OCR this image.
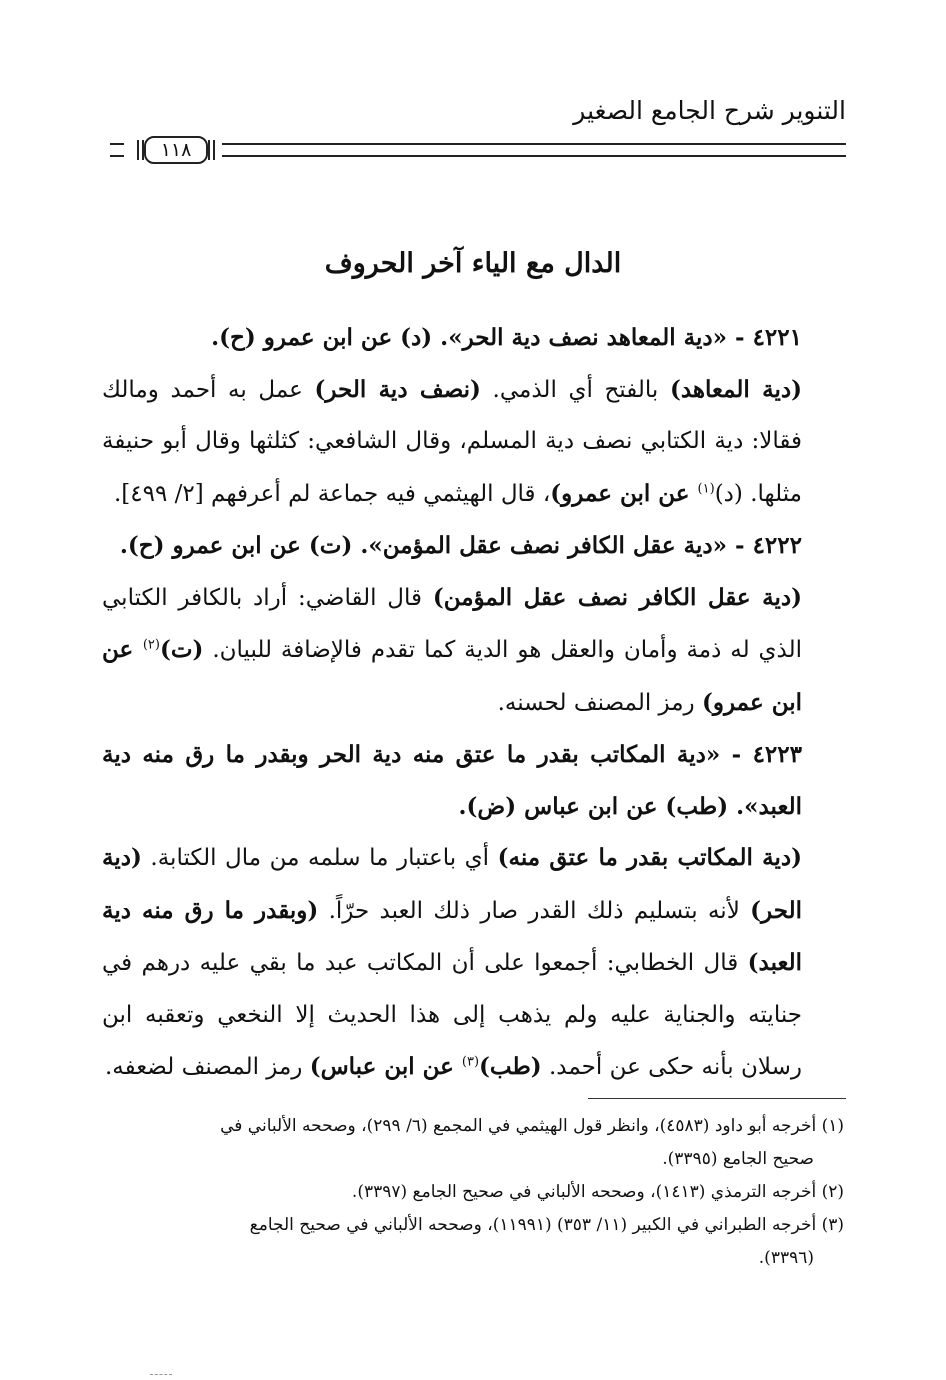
التنوير شرح الجامع الصغير
١١٨
الدال مع الياء آخر الحروف

٤٢٢١ - «دية المعاهد نصف دية الحر». (د) عن ابن عمرو (ح).

(دية المعاهد) بالفتح أي الذمي. (نصف دية الحر) عمل به أحمد ومالك فقالا: دية الكتابي نصف دية المسلم، وقال الشافعي: كثلثها وقال أبو حنيفة مثلها. (د)$^{(١)}$ عن ابن عمرو)، قال الهيثمي فيه جماعة لم أعرفهم [٢/ ٤٩٩].

٤٢٢٢ - «دية عقل الكافر نصف عقل المؤمن». (ت) عن ابن عمرو (ح).

(دية عقل الكافر نصف عقل المؤمن) قال القاضي: أراد بالكافر الكتابي الذي له ذمة وأمان والعقل هو الدية كما تقدم فالإضافة للبيان. (ت)$^{(٢)}$ عن ابن عمرو) رمز المصنف لحسنه.

٤٢٢٣ - «دية المكاتب بقدر ما عتق منه دية الحر وبقدر ما رق منه دية العبد». (طب) عن ابن عباس (ض).

(دية المكاتب بقدر ما عتق منه) أي باعتبار ما سلمه من مال الكتابة. (دية الحر) لأنه بتسليم ذلك القدر صار ذلك العبد حرّاً. (وبقدر ما رق منه دية العبد) قال الخطابي: أجمعوا على أن المكاتب عبد ما بقي عليه درهم في جنايته والجناية عليه ولم يذهب إلى هذا الحديث إلا النخعي وتعقبه ابن رسلان بأنه حكى عن أحمد. (طب)$^{(٣)}$ عن ابن عباس) رمز المصنف لضعفه.

(١) أخرجه أبو داود (٤٥٨٣)، وانظر قول الهيثمي في المجمع (٦/ ٢٩٩)، وصححه الألباني في

صحيح الجامع (٣٣٩٥).

(٢) أخرجه الترمذي (١٤١٣)، وصححه الألباني في صحيح الجامع (٣٣٩٧).

(٣) أخرجه الطبراني في الكبير (١١/ ٣٥٣) (١١٩٩١)، وصححه الألباني في صحيح الجامع

(٣٣٩٦).
